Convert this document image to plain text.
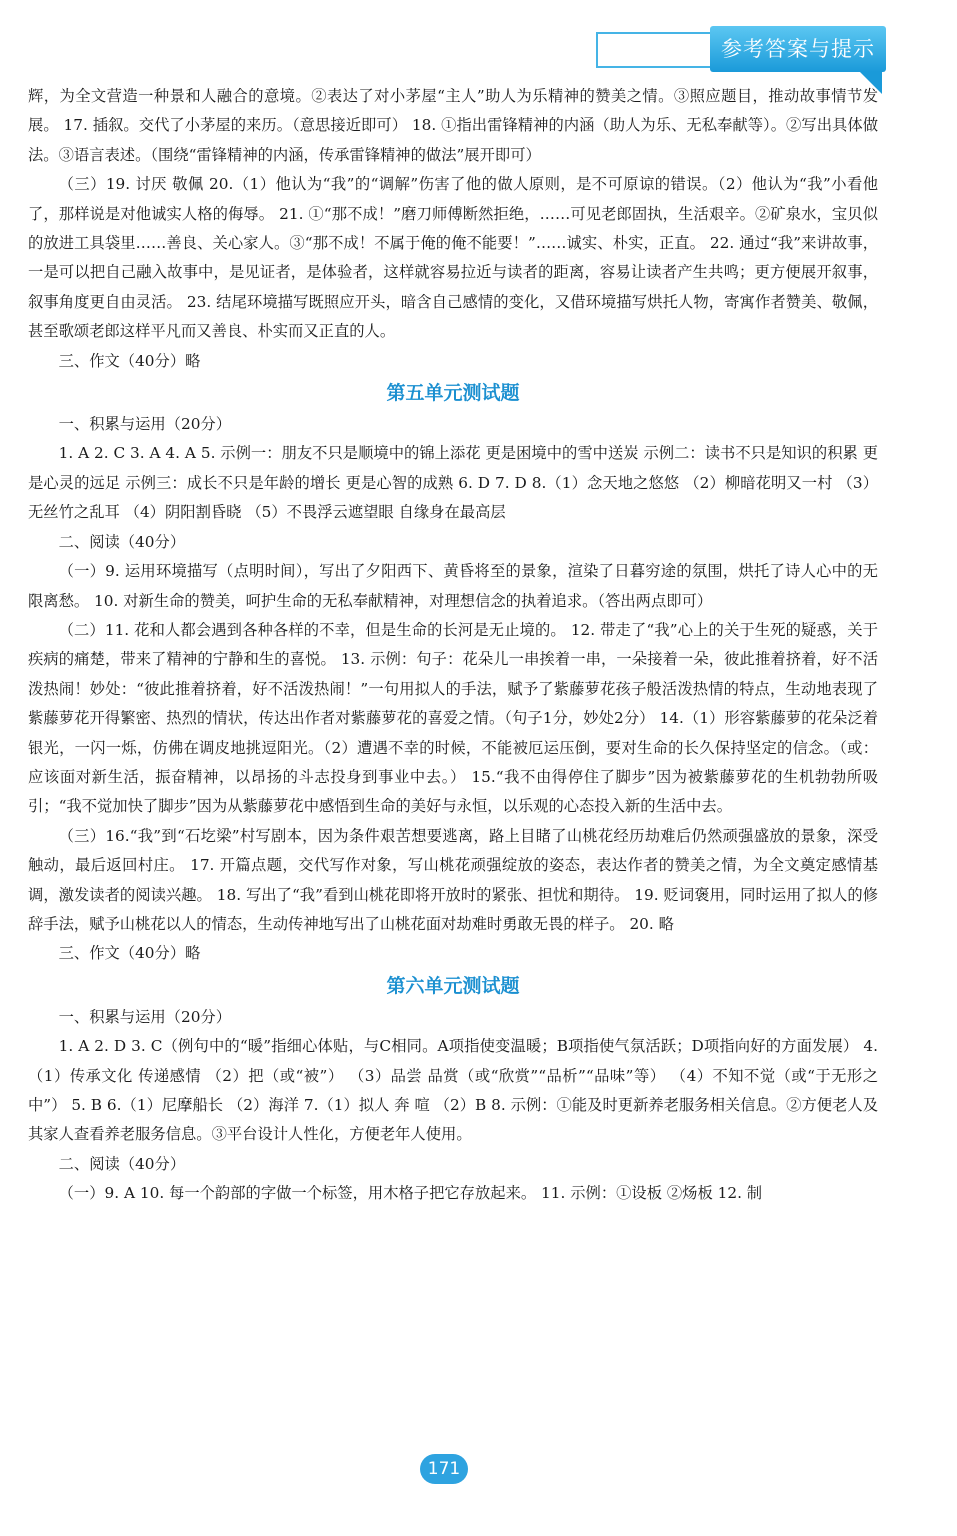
参考答案与提示

辉，为全文营造一种景和人融合的意境。②表达了对小茅屋“主人”助人为乐精神的赞美之情。③照应题目，推动故事情节发展。 17. 插叙。交代了小茅屋的来历。（意思接近即可） 18. ①指出雷锋精神的内涵（助人为乐、无私奉献等）。②写出具体做法。③语言表述。（围绕“雷锋精神的内涵，传承雷锋精神的做法”展开即可）

（三）19. 讨厌 敬佩 20.（1）他认为“我”的“调解”伤害了他的做人原则，是不可原谅的错误。（2）他认为“我”小看他了，那样说是对他诚实人格的侮辱。 21. ①“那不成！”磨刀师傅断然拒绝，……可见老郎固执，生活艰辛。②矿泉水，宝贝似的放进工具袋里……善良、关心家人。③“那不成！不属于俺的俺不能要！”……诚实、朴实，正直。 22. 通过“我”来讲故事，一是可以把自己融入故事中，是见证者，是体验者，这样就容易拉近与读者的距离，容易让读者产生共鸣；更方便展开叙事，叙事角度更自由灵活。 23. 结尾环境描写既照应开头，暗含自己感情的变化，又借环境描写烘托人物，寄寓作者赞美、敬佩，甚至歌颂老郎这样平凡而又善良、朴实而又正直的人。

三、作文（40分）略

第五单元测试题

一、积累与运用（20分）

1. A 2. C 3. A 4. A 5. 示例一：朋友不只是顺境中的锦上添花 更是困境中的雪中送炭 示例二：读书不只是知识的积累 更是心灵的远足 示例三：成长不只是年龄的增长 更是心智的成熟 6. D 7. D 8.（1）念天地之悠悠 （2）柳暗花明又一村 （3）无丝竹之乱耳 （4）阴阳割昏晓 （5）不畏浮云遮望眼 自缘身在最高层

二、阅读（40分）

（一）9. 运用环境描写（点明时间），写出了夕阳西下、黄昏将至的景象，渲染了日暮穷途的氛围，烘托了诗人心中的无限离愁。 10. 对新生命的赞美，呵护生命的无私奉献精神，对理想信念的执着追求。（答出两点即可）

（二）11. 花和人都会遇到各种各样的不幸，但是生命的长河是无止境的。 12. 带走了“我”心上的关于生死的疑惑，关于疾病的痛楚，带来了精神的宁静和生的喜悦。 13. 示例：句子：花朵儿一串挨着一串，一朵接着一朵，彼此推着挤着，好不活泼热闹！妙处：“彼此推着挤着，好不活泼热闹！”一句用拟人的手法，赋予了紫藤萝花孩子般活泼热情的特点，生动地表现了紫藤萝花开得繁密、热烈的情状，传达出作者对紫藤萝花的喜爱之情。（句子1分，妙处2分） 14.（1）形容紫藤萝的花朵泛着银光，一闪一烁，仿佛在调皮地挑逗阳光。（2）遭遇不幸的时候，不能被厄运压倒，要对生命的长久保持坚定的信念。（或：应该面对新生活，振奋精神，以昂扬的斗志投身到事业中去。） 15.“我不由得停住了脚步”因为被紫藤萝花的生机勃勃所吸引；“我不觉加快了脚步”因为从紫藤萝花中感悟到生命的美好与永恒，以乐观的心态投入新的生活中去。

（三）16.“我”到“石圪梁”村写剧本，因为条件艰苦想要逃离，路上目睹了山桃花经历劫难后仍然顽强盛放的景象，深受触动，最后返回村庄。 17. 开篇点题，交代写作对象，写山桃花顽强绽放的姿态，表达作者的赞美之情，为全文奠定感情基调，激发读者的阅读兴趣。 18. 写出了“我”看到山桃花即将开放时的紧张、担忧和期待。 19. 贬词褒用，同时运用了拟人的修辞手法，赋予山桃花以人的情态，生动传神地写出了山桃花面对劫难时勇敢无畏的样子。 20. 略

三、作文（40分）略

第六单元测试题

一、积累与运用（20分）

1. A 2. D 3. C（例句中的“暖”指细心体贴，与C相同。A项指使变温暖；B项指使气氛活跃；D项指向好的方面发展） 4.（1）传承文化 传递感情 （2）把（或“被”） （3）品尝 品赏（或“欣赏”“品析”“品味”等） （4）不知不觉（或“于无形之中”） 5. B 6.（1）尼摩船长 （2）海洋 7.（1）拟人 奔 喧 （2）B 8. 示例：①能及时更新养老服务相关信息。②方便老人及其家人查看养老服务信息。③平台设计人性化，方便老年人使用。

二、阅读（40分）

（一）9. A 10. 每一个韵部的字做一个标签，用木格子把它存放起来。 11. 示例：①设板 ②炀板 12. 制

171
